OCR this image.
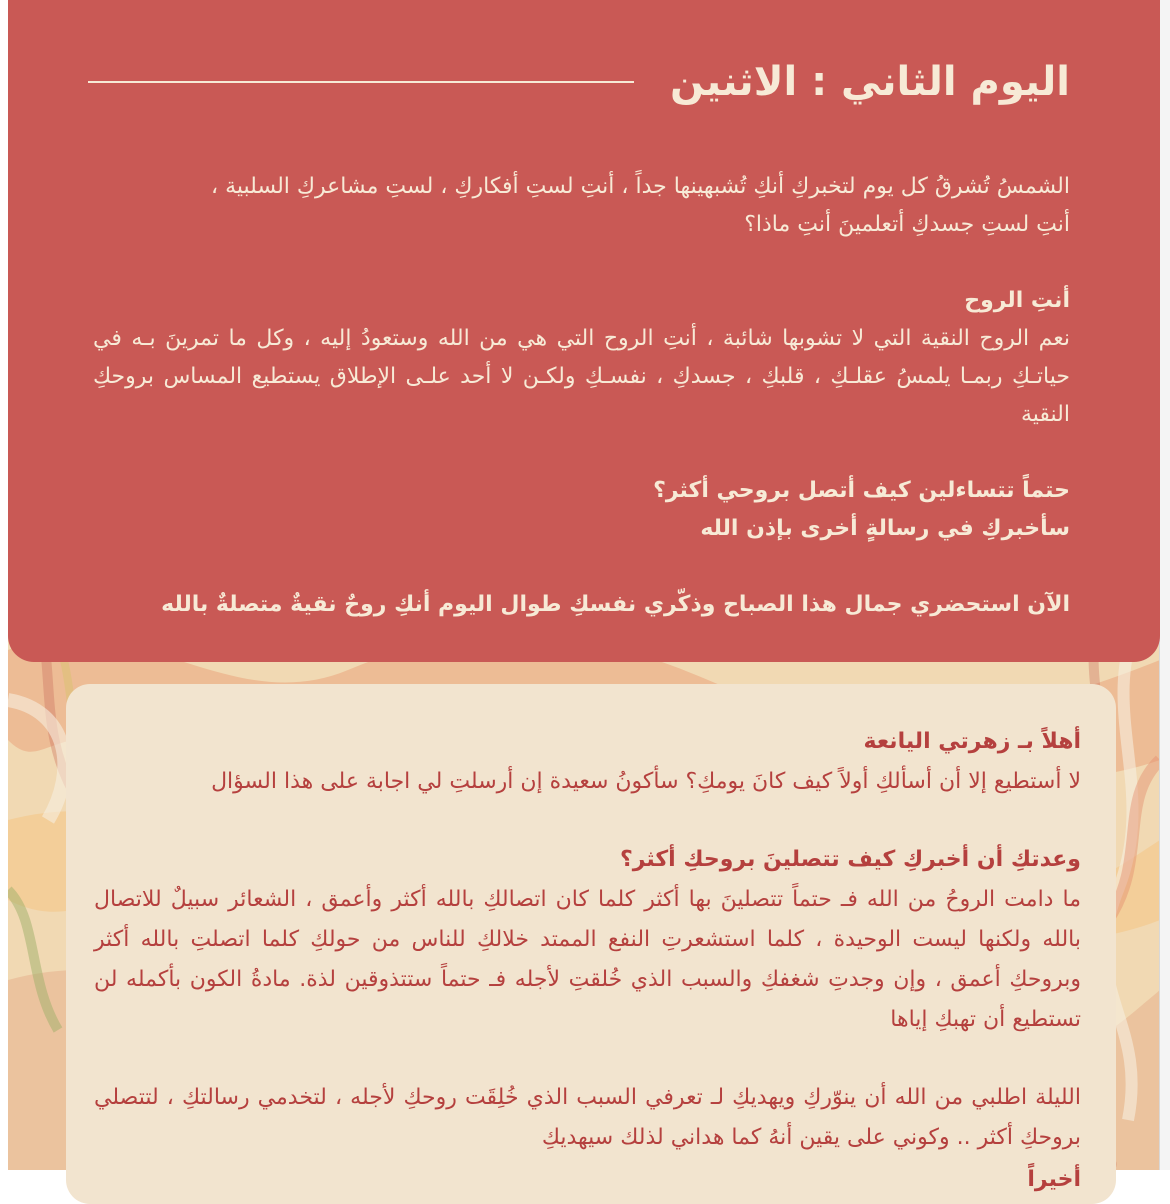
اليوم الثاني : الاثنين

الشمسُ تُشرقُ كل يوم لتخبركِ أنكِ تُشبهينها جداً ، أنتِ لستِ أفكاركِ ، لستِ مشاعركِ السلبية ،

أنتِ لستِ جسدكِ أتعلمينَ أنتِ ماذا؟

أنتِ الروح

نعم الروح النقية التي لا تشوبها شائبة ، أنتِ الروح التي هي من الله وستعودُ إليه ، وكل ما تمرينَ بـه في حياتـكِ ربمـا يلمسُ عقلـكِ ، قلبكِ ، جسدكِ ، نفسـكِ ولكـن لا أحد علـى الإطلاق يستطيع المساس بروحكِ النقية

حتماً تتساءلين كيف أتصل بروحي أكثر؟

سأخبركِ في رسالةٍ أخرى بإذن الله

الآن استحضري جمال هذا الصباح وذكّري نفسكِ طوال اليوم أنكِ روحٌ نقيةٌ متصلةٌ بالله

أهلاً بـ زهرتي اليانعة

لا أستطيع إلا أن أسألكِ أولاً كيف كانَ يومكِ؟ سأكونُ سعيدة إن أرسلتِ لي اجابة على هذا السؤال

وعدتكِ أن أخبركِ كيف تتصلينَ بروحكِ أكثر؟

ما دامت الروحُ من الله فـ حتماً تتصلينَ بها أكثر كلما كان اتصالكِ بالله أكثر وأعمق ، الشعائر سبيلٌ للاتصال بالله ولكنها ليست الوحيدة ، كلما استشعرتِ النفع الممتد خلالكِ للناس من حولكِ كلما اتصلتِ بالله أكثر وبروحكِ أعمق ، وإن وجدتِ شغفكِ والسبب الذي خُلقتِ لأجله فـ حتماً ستتذوقين لذة. مادةُ الكون بأكمله لن تستطيع أن تهبكِ إياها

الليلة اطلبي من الله أن ينوّركِ ويهديكِ لـ تعرفي السبب الذي خُلِقَت روحكِ لأجله ، لتخدمي رسالتكِ ، لتتصلي بروحكِ أكثر .. وكوني على يقين أنهُ كما هداني لذلك سيهديكِ

أخيراً
